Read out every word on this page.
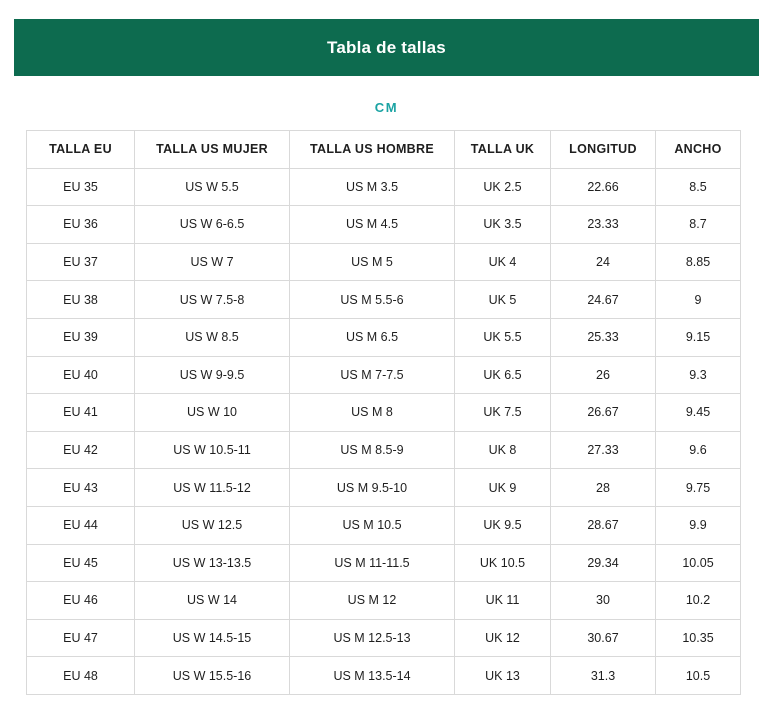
Tabla de tallas
CM
TALLA EU	TALLA US MUJER	TALLA US HOMBRE	TALLA UK	LONGITUD	ANCHO
EU 35	US W 5.5	US M 3.5	UK 2.5	22.66	8.5
EU 36	US W 6-6.5	US M 4.5	UK 3.5	23.33	8.7
EU 37	US W 7	US M 5	UK 4	24	8.85
EU 38	US W 7.5-8	US M 5.5-6	UK 5	24.67	9
EU 39	US W 8.5	US M 6.5	UK 5.5	25.33	9.15
EU 40	US W 9-9.5	US M 7-7.5	UK 6.5	26	9.3
EU 41	US W 10	US M 8	UK 7.5	26.67	9.45
EU 42	US W 10.5-11	US M 8.5-9	UK 8	27.33	9.6
EU 43	US W 11.5-12	US M 9.5-10	UK 9	28	9.75
EU 44	US W 12.5	US M 10.5	UK 9.5	28.67	9.9
EU 45	US W 13-13.5	US M 11-11.5	UK 10.5	29.34	10.05
EU 46	US W 14	US M 12	UK 11	30	10.2
EU 47	US W 14.5-15	US M 12.5-13	UK 12	30.67	10.35
EU 48	US W 15.5-16	US M 13.5-14	UK 13	31.3	10.5
